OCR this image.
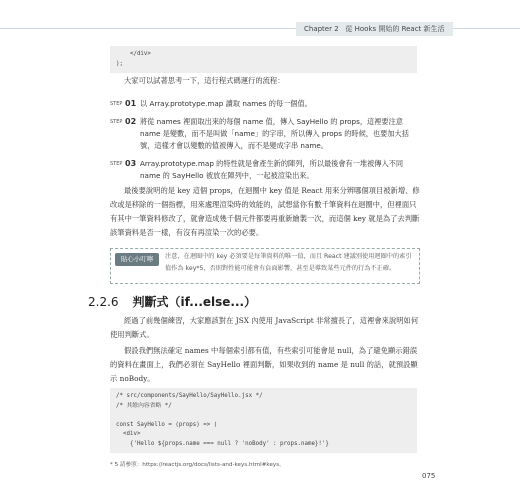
Chapter 2 從 Hooks 開始的 React 新生活
</div>
);
大家可以試著思考一下，這行程式碼運行的流程：
STEP 01 以 Array.prototype.map 讀取 names 的每一個值。
STEP 02 將從 names 裡面取出來的每個 name 值，傳入 SayHello 的 props，這裡要注意 name 是變數，而不是叫做「name」的字串，所以傳入 props 的時候，也要加大括號，這樣才會以變數的值被傳入，而不是變成字串 name。
STEP 03 Array.prototype.map 的特性就是會產生新的陣列，所以最後會有一堆被傳入不同 name 的 SayHello 被放在陣列中，一起被渲染出來。
最後要說明的是 key 這個 props，在迴圈中 key 值是 React 用來分辨哪個項目被新增、修改或是移除的一個指標，用來處理渲染時的效能的，試想當你有數千筆資料在迴圈中，但裡面只有其中一筆資料修改了，就會造成幾千個元件都要再重新繪製一次，而這個 key 就是為了去判斷該筆資料是否一樣，有沒有再渲染一次的必要。
貼心小叮嚀	注意，在迴圈中的 key 必須要是每筆資料的唯一值，而且 React 建議別使用迴圈中的索引值作為 key*5，否則對性能可能會有負面影響，甚至是導致某些元件的行為不正確。
2.2.6 判斷式（if...else...）
經過了前幾個練習，大家應該對在 JSX 內使用 JavaScript 非常擅長了，這裡會來說明如何使用判斷式。
假設我們無法確定 names 中每個索引都有值，有些索引可能會是 null，為了避免顯示錯誤的資料在畫面上，我們必須在 SayHello 裡面判斷，如果收到的 name 是 null 的話，就預設顯示 noBody。
/* src/components/SayHello/SayHello.jsx */
/* 其餘內容省略 */

const SayHello = (props) => (
<div>
{'Hello ${props.name === null ? 'noBody' : props.name}!'}
* 5 請參照：https://reactjs.org/docs/lists-and-keys.html#keys。
075
